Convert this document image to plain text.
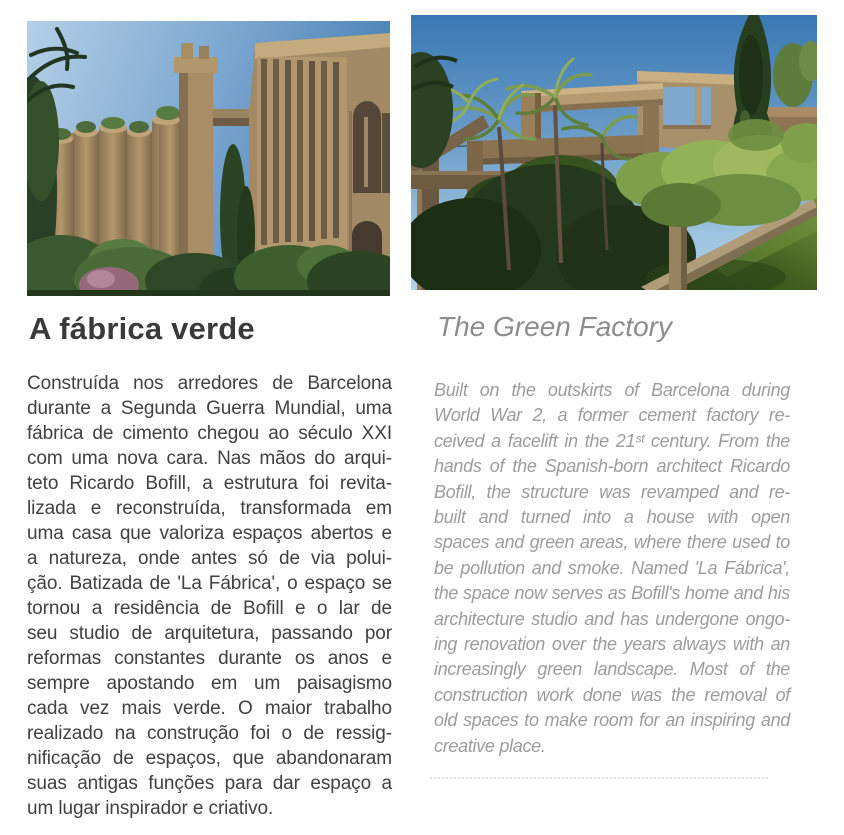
A fábrica verde	The Green Factory
Construída nos arredores de Barcelona
durante a Segunda Guerra Mundial, uma
fábrica de cimento chegou ao século XXI
com uma nova cara. Nas mãos do arqui-
teto Ricardo Bofill, a estrutura foi revita-
lizada e reconstruída, transformada em
uma casa que valoriza espaços abertos e
a natureza, onde antes só de via polui-
ção. Batizada de 'La Fábrica', o espaço se
tornou a residência de Bofill e o lar de
seu studio de arquitetura, passando por
reformas constantes durante os anos e
sempre apostando em um paisagismo
cada vez mais verde. O maior trabalho
realizado na construção foi o de ressig-
nificação de espaços, que abandonaram
suas antigas funções para dar espaço a
um lugar inspirador e criativo.
Built on the outskirts of Barcelona during
World War 2, a former cement factory re-
ceived a facelift in the 21ˢᵗ century. From the
hands of the Spanish-born architect Ricardo
Bofill, the structure was revamped and re-
built and turned into a house with open
spaces and green areas, where there used to
be pollution and smoke. Named 'La Fábrica',
the space now serves as Bofill's home and his
architecture studio and has undergone ongo-
ing renovation over the years always with an
increasingly green landscape. Most of the
construction work done was the removal of
old spaces to make room for an inspiring and
creative place.
